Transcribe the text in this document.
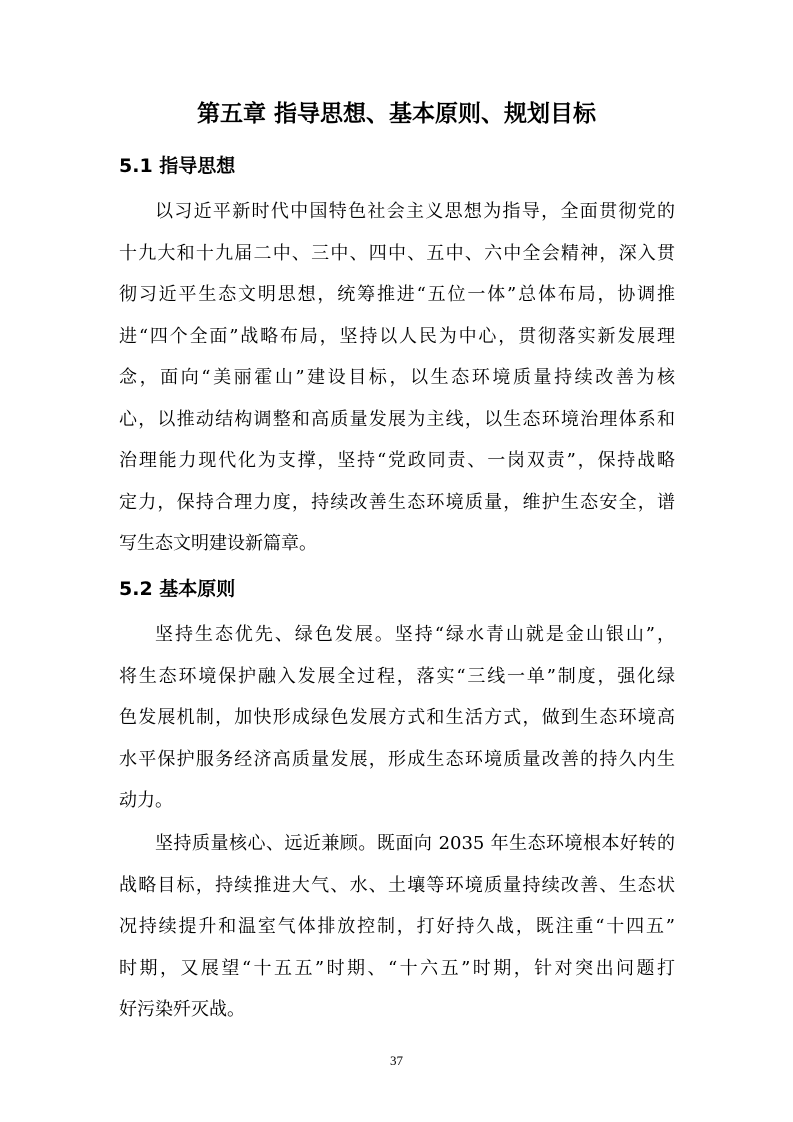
第五章 指导思想、基本原则、规划目标
5.1 指导思想
以习近平新时代中国特色社会主义思想为指导，全面贯彻党的
十九大和十九届二中、三中、四中、五中、六中全会精神，深入贯
彻习近平生态文明思想，统筹推进“五位一体”总体布局，协调推
进“四个全面”战略布局，坚持以人民为中心，贯彻落实新发展理
念，面向“美丽霍山”建设目标，以生态环境质量持续改善为核
心，以推动结构调整和高质量发展为主线，以生态环境治理体系和
治理能力现代化为支撑，坚持“党政同责、一岗双责”，保持战略
定力，保持合理力度，持续改善生态环境质量，维护生态安全，谱
写生态文明建设新篇章。
5.2 基本原则
坚持生态优先、绿色发展。坚持“绿水青山就是金山银山”，
将生态环境保护融入发展全过程，落实“三线一单”制度，强化绿
色发展机制，加快形成绿色发展方式和生活方式，做到生态环境高
水平保护服务经济高质量发展，形成生态环境质量改善的持久内生
动力。
坚持质量核心、远近兼顾。既面向 2035 年生态环境根本好转的
战略目标，持续推进大气、水、土壤等环境质量持续改善、生态状
况持续提升和温室气体排放控制，打好持久战，既注重“十四五”
时期，又展望“十五五”时期、“十六五”时期，针对突出问题打
好污染歼灭战。
37
